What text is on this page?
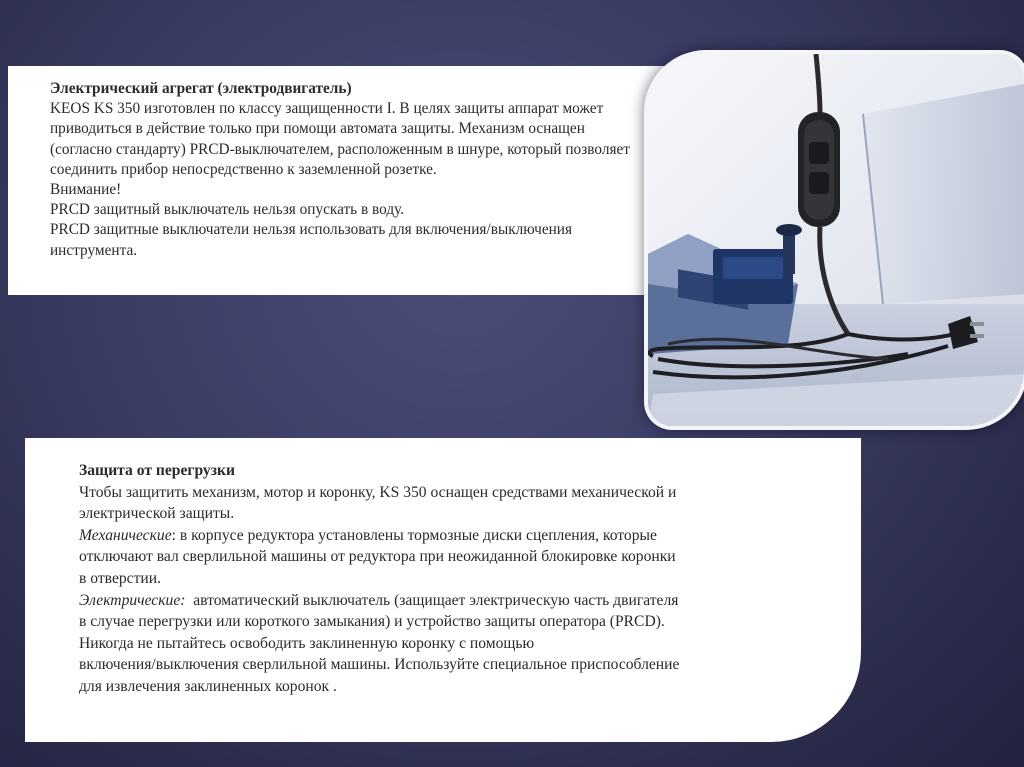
Электрический агрегат (электродвигатель)

KEOS KS 350 изготовлен по классу защищенности I. В целях защиты аппарат может

приводиться в действие только при помощи автомата защиты. Механизм оснащен

(согласно стандарту) PRCD-выключателем, расположенным в шнуре, который позволяет

соединить прибор непосредственно к заземленной розетке.

Внимание!

PRCD защитный выключатель нельзя опускать в воду.

PRCD защитные выключатели нельзя использовать для включения/выключения

инструмента.

Защита от перегрузки

Чтобы защитить механизм, мотор и коронку, KS 350 оснащен средствами механической и

электрической защиты.

Механические: в корпусе редуктора установлены тормозные диски сцепления, которые

отключают вал сверлильной машины от редуктора при неожиданной блокировке коронки

в отверстии.

Электрические:  автоматический выключатель (защищает электрическую часть двигателя

в случае перегрузки или короткого замыкания) и устройство защиты оператора (PRCD).

Никогда не пытайтесь освободить заклиненную коронку с помощью

включения/выключения сверлильной машины. Используйте специальное приспособление

для извлечения заклиненных коронок .
